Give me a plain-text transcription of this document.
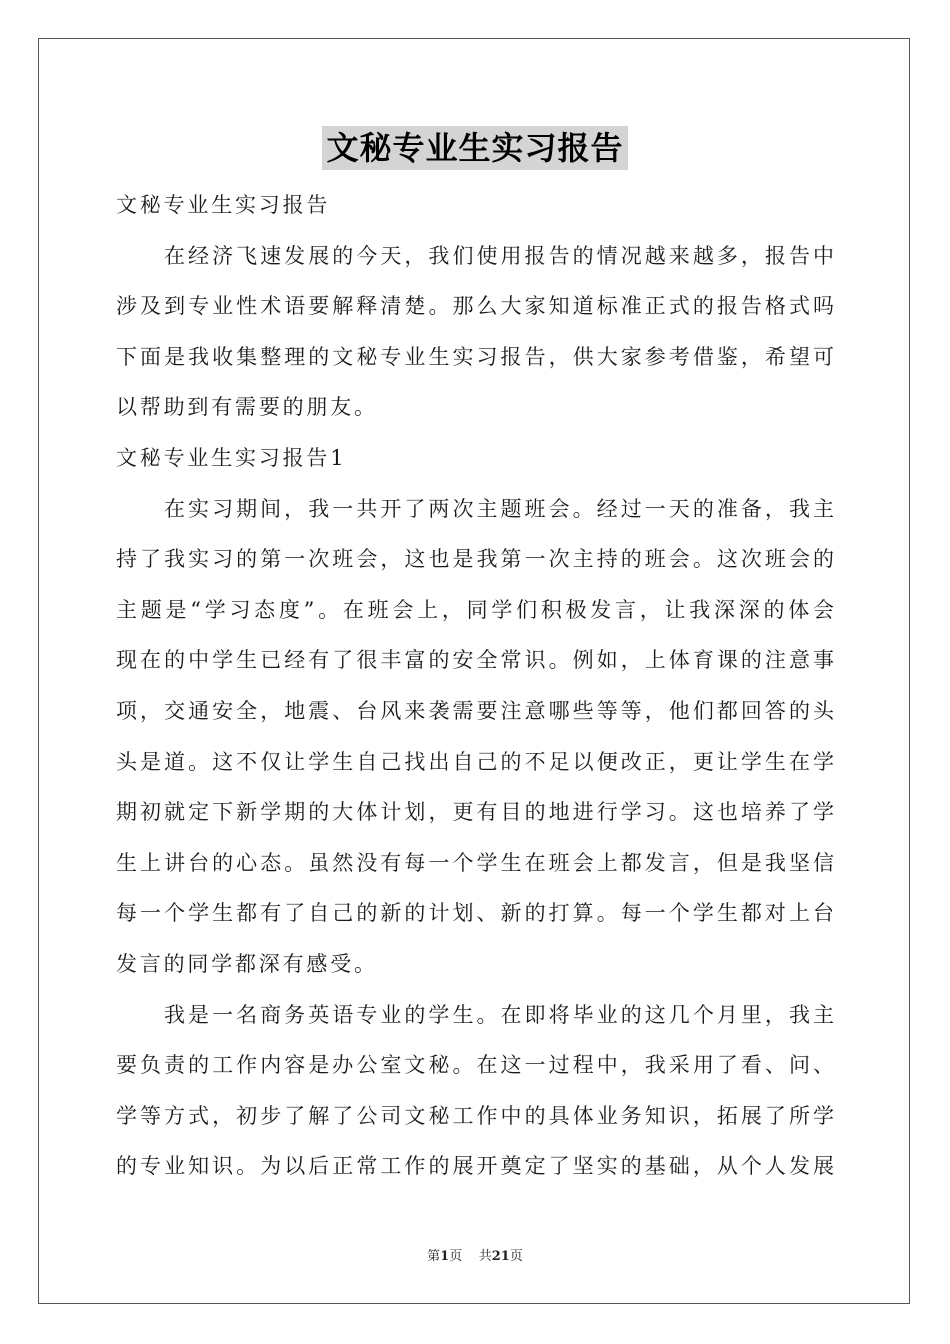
文秘专业生实习报告
文秘专业生实习报告
在经济飞速发展的今天，我们使用报告的情况越来越多，报告中
涉及到专业性术语要解释清楚。那么大家知道标准正式的报告格式吗
下面是我收集整理的文秘专业生实习报告，供大家参考借鉴，希望可
以帮助到有需要的朋友。
文秘专业生实习报告1
在实习期间，我一共开了两次主题班会。经过一天的准备，我主
持了我实习的第一次班会，这也是我第一次主持的班会。这次班会的
主题是“学习态度”。在班会上，同学们积极发言，让我深深的体会
现在的中学生已经有了很丰富的安全常识。例如，上体育课的注意事
项，交通安全，地震、台风来袭需要注意哪些等等，他们都回答的头
头是道。这不仅让学生自己找出自己的不足以便改正，更让学生在学
期初就定下新学期的大体计划，更有目的地进行学习。这也培养了学
生上讲台的心态。虽然没有每一个学生在班会上都发言，但是我坚信
每一个学生都有了自己的新的计划、新的打算。每一个学生都对上台
发言的同学都深有感受。
我是一名商务英语专业的学生。在即将毕业的这几个月里，我主
要负责的工作内容是办公室文秘。在这一过程中，我采用了看、问、
学等方式，初步了解了公司文秘工作中的具体业务知识，拓展了所学
的专业知识。为以后正常工作的展开奠定了坚实的基础，从个人发展
第1页 共21页
